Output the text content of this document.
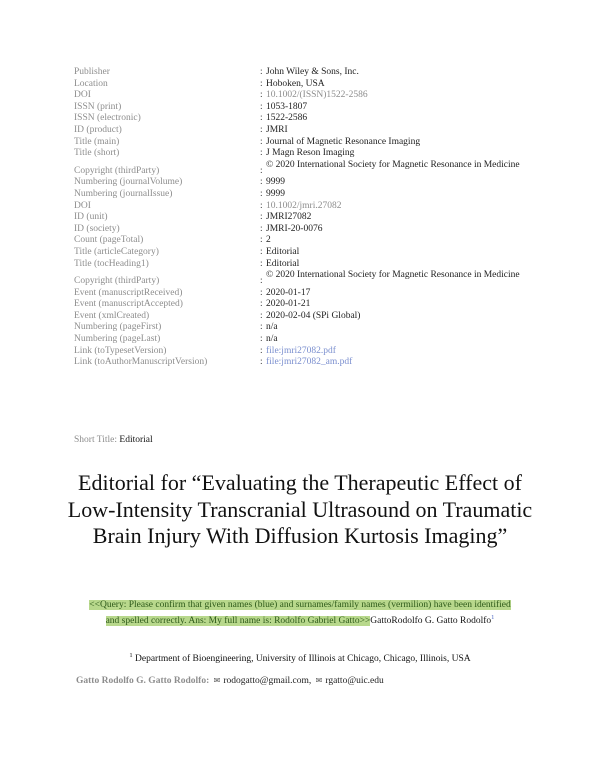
Publisher	: John Wiley & Sons, Inc.
Location	: Hoboken, USA
DOI	: 10.1002/(ISSN)1522-2586
ISSN (print)	: 1053-1807
ISSN (electronic)	: 1522-2586
ID (product)	: JMRI
Title (main)	: Journal of Magnetic Resonance Imaging
Title (short)	: J Magn Reson Imaging
Copyright (thirdParty)	:
© 2020 International Society for Magnetic Resonance in Medicine
Numbering (journalVolume)	: 9999
Numbering (journalIssue)	: 9999
DOI	: 10.1002/jmri.27082
ID (unit)	: JMRI27082
ID (society)	: JMRI-20-0076
Count (pageTotal)	: 2
Title (articleCategory)	: Editorial
Title (tocHeading1)	: Editorial
Copyright (thirdParty)	:
© 2020 International Society for Magnetic Resonance in Medicine
Event (manuscriptReceived)	: 2020-01-17
Event (manuscriptAccepted)	: 2020-01-21
Event (xmlCreated)	: 2020-02-04 (SPi Global)
Numbering (pageFirst)	: n/a
Numbering (pageLast)	: n/a
Link (toTypesetVersion)	: file:jmri27082.pdf
Link (toAuthorManuscriptVersion)	: file:jmri27082_am.pdf
Short Title: Editorial
Editorial for “Evaluating the Therapeutic Effect of Low-Intensity Transcranial Ultrasound on Traumatic Brain Injury With Diffusion Kurtosis Imaging”
<<Query: Please confirm that given names (blue) and surnames/family names (vermilion) have been identified and spelled correctly. Ans: My full name is: Rodolfo Gabriel Gatto>>GattoRodolfo G. Gatto Rodolfo$^1$
$^1$ Department of Bioengineering, University of Illinois at Chicago, Chicago, Illinois, USA
Gatto Rodolfo G. Gatto Rodolfo: ✉ rodogatto@gmail.com, ✉ rgatto@uic.edu
